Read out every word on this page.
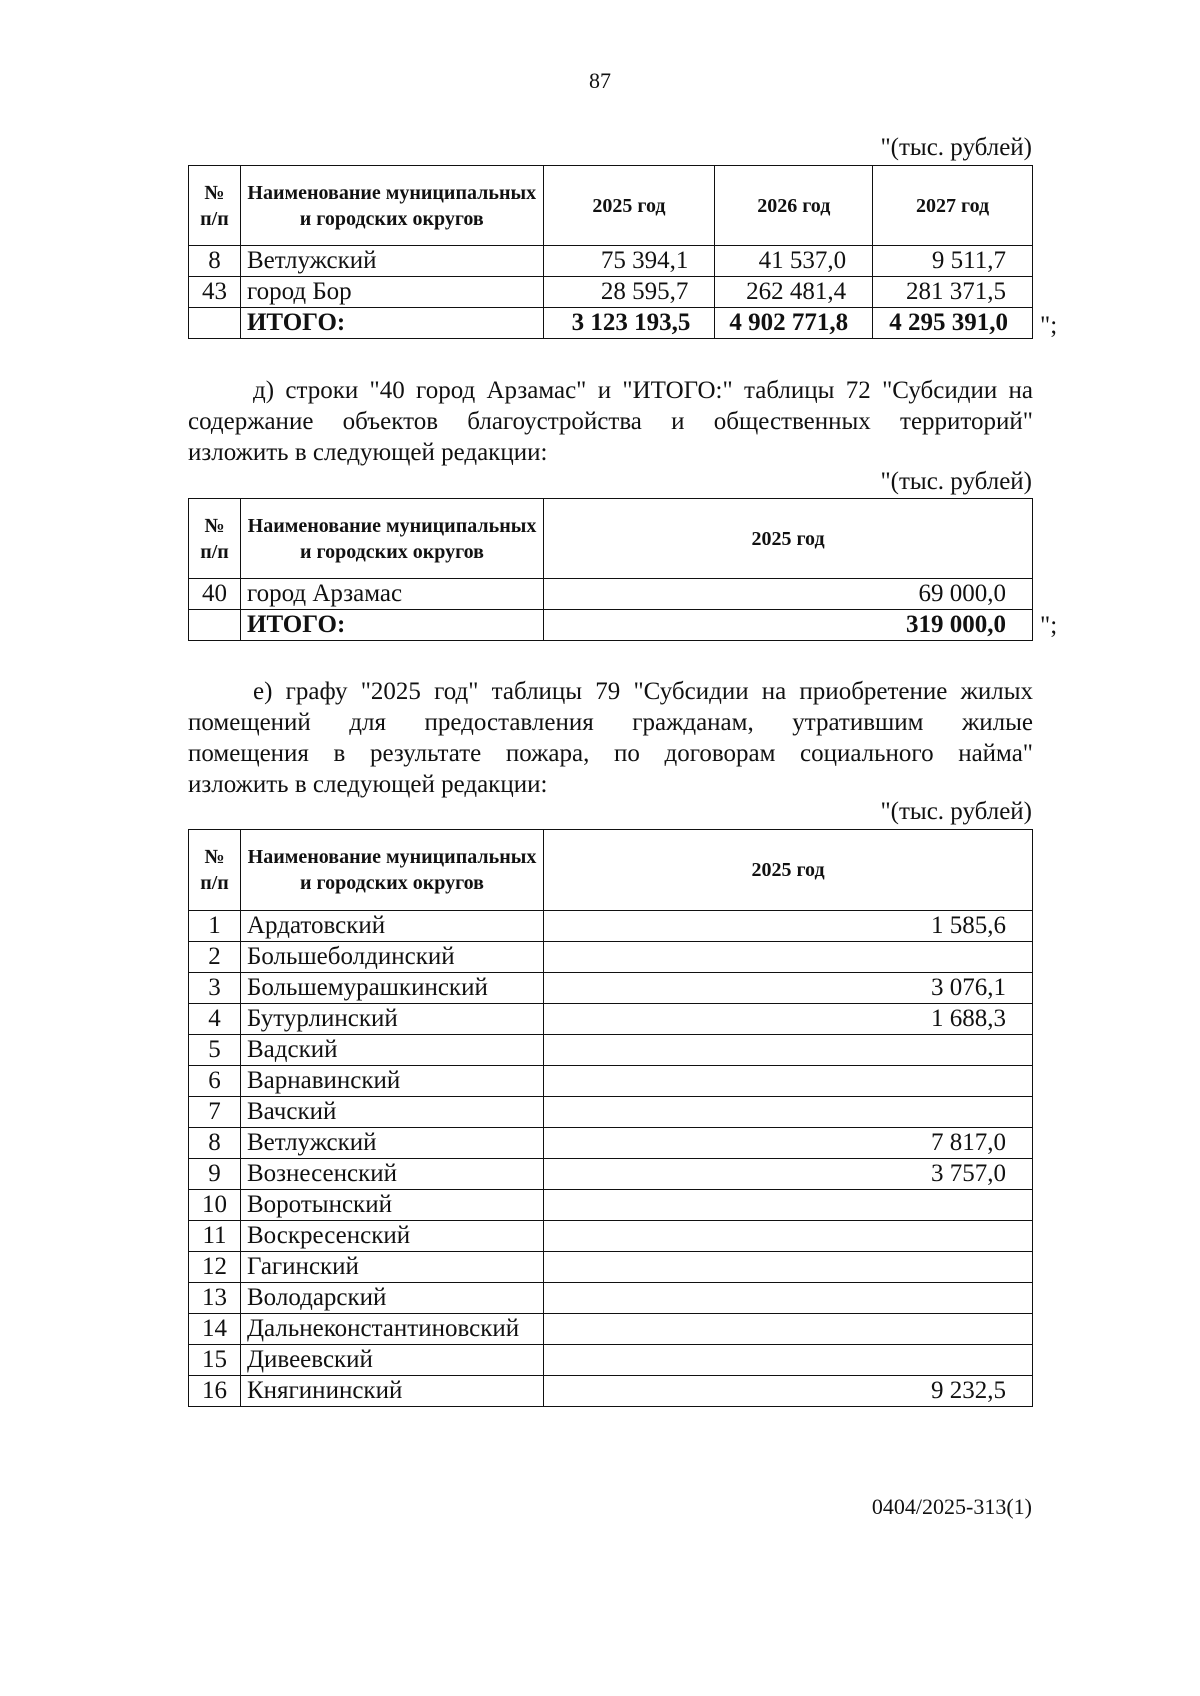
87
"(тыс. рублей)
№ п/п	Наименование муниципальных и городских округов	2025 год	2026 год	2027 год
8	Ветлужский	75 394,1	41 537,0	9 511,7
43	город Бор	28 595,7	262 481,4	281 371,5
	ИТОГО:	3 123 193,5	4 902 771,8	4 295 391,0 ";
д) строки "40 город Арзамас" и "ИТОГО:" таблицы 72 "Субсидии на
содержание объектов благоустройства и общественных территорий"
изложить в следующей редакции:
"(тыс. рублей)
№ п/п	Наименование муниципальных и городских округов	2025 год
40	город Арзамас	69 000,0
	ИТОГО:	319 000,0 ";
е) графу "2025 год" таблицы 79 "Субсидии на приобретение жилых
помещений для предоставления гражданам, утратившим жилые
помещения в результате пожара, по договорам социального найма"
изложить в следующей редакции:
"(тыс. рублей)
№ п/п	Наименование муниципальных и городских округов	2025 год
1	Ардатовский	1 585,6
2	Большеболдинский	
3	Большемурашкинский	3 076,1
4	Бутурлинский	1 688,3
5	Вадский	
6	Варнавинский	
7	Вачский	
8	Ветлужский	7 817,0
9	Вознесенский	3 757,0
10	Воротынский	
11	Воскресенский	
12	Гагинский	
13	Володарский	
14	Дальнеконстантиновский	
15	Дивеевский	
16	Княгининский	9 232,5
0404/2025-313(1)
